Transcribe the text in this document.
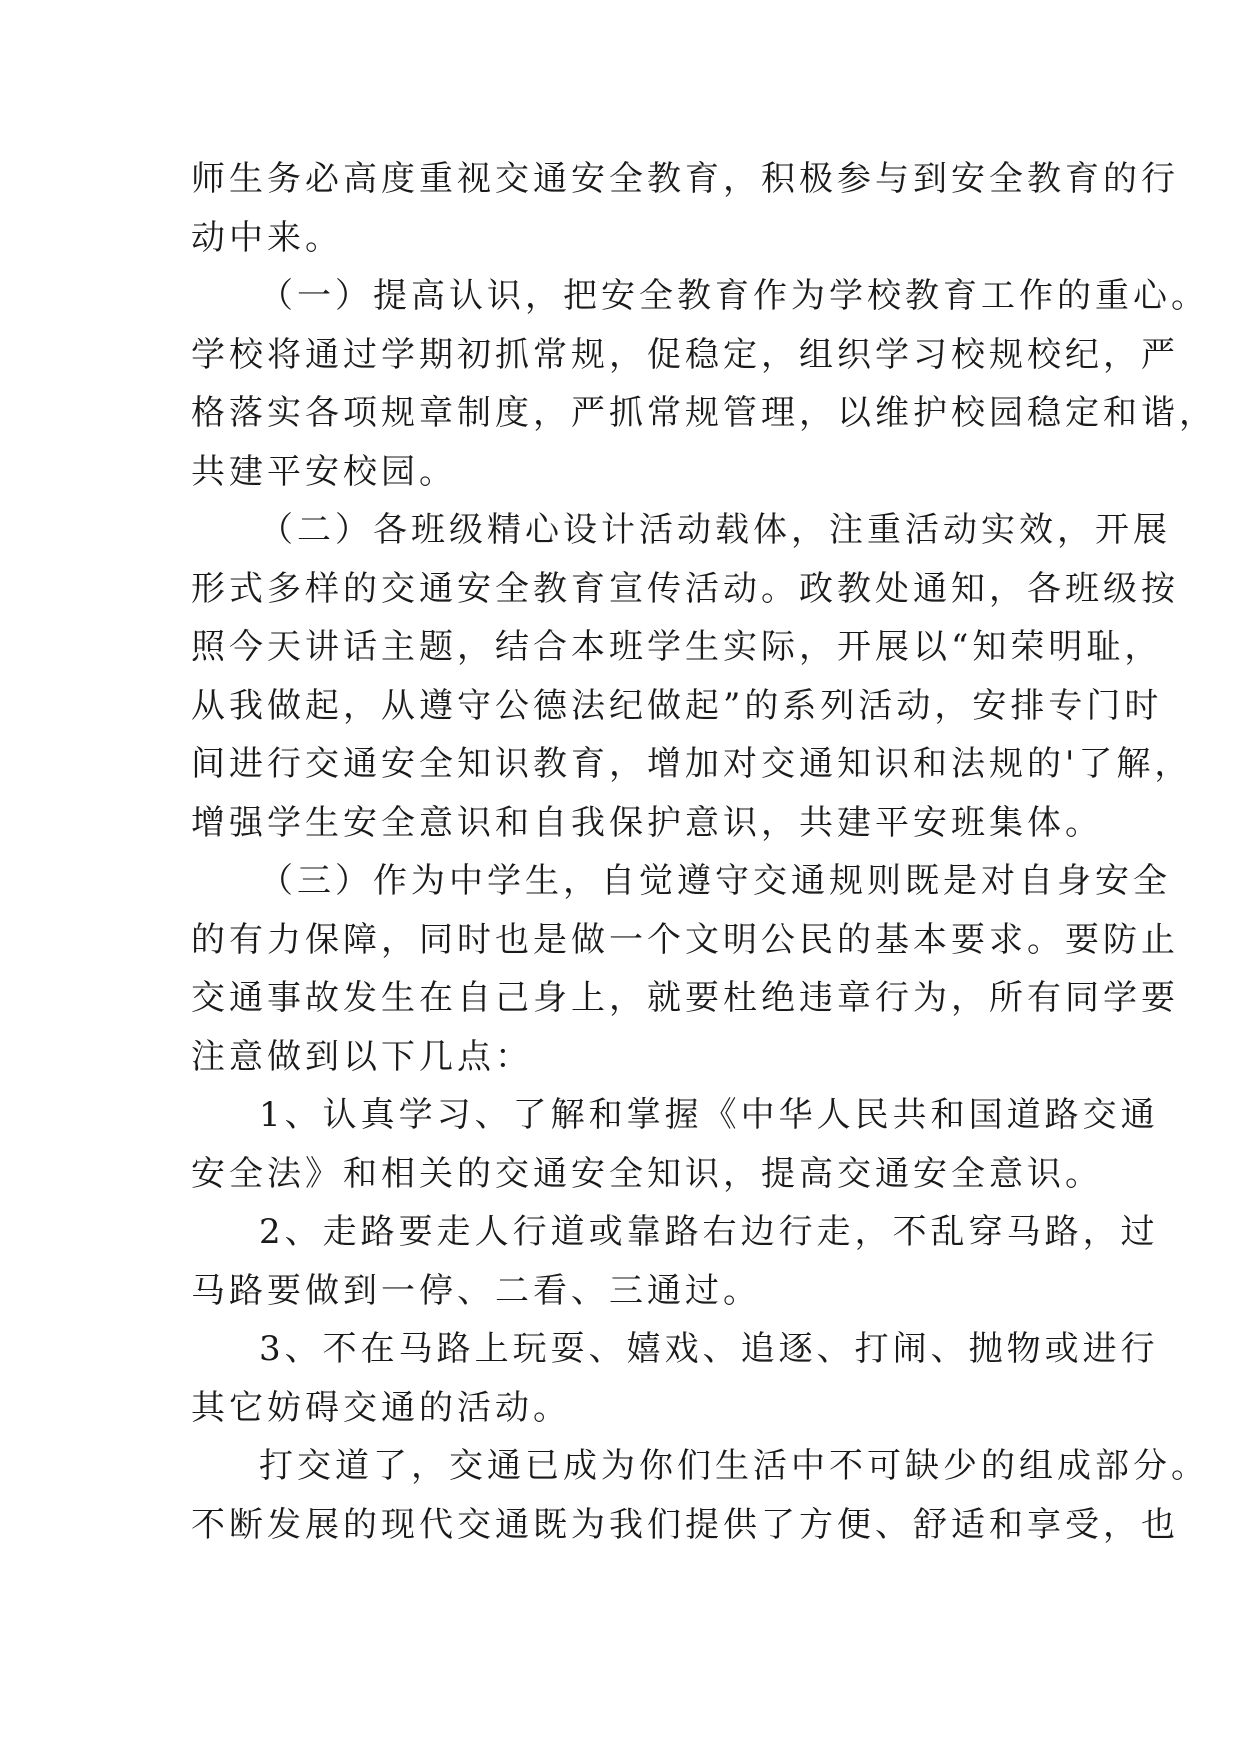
师生务必高度重视交通安全教育，积极参与到安全教育的行
动中来。
（一）提高认识，把安全教育作为学校教育工作的重心。
学校将通过学期初抓常规，促稳定，组织学习校规校纪，严
格落实各项规章制度，严抓常规管理，以维护校园稳定和谐，
共建平安校园。
（二）各班级精心设计活动载体，注重活动实效，开展
形式多样的交通安全教育宣传活动。政教处通知，各班级按
照今天讲话主题，结合本班学生实际，开展以“知荣明耻，
从我做起，从遵守公德法纪做起”的系列活动，安排专门时
间进行交通安全知识教育，增加对交通知识和法规的'了解，
增强学生安全意识和自我保护意识，共建平安班集体。
（三）作为中学生，自觉遵守交通规则既是对自身安全
的有力保障，同时也是做一个文明公民的基本要求。要防止
交通事故发生在自己身上，就要杜绝违章行为，所有同学要
注意做到以下几点：
1、认真学习、了解和掌握《中华人民共和国道路交通
安全法》和相关的交通安全知识，提高交通安全意识。
2、走路要走人行道或靠路右边行走，不乱穿马路，过
马路要做到一停、二看、三通过。
3、不在马路上玩耍、嬉戏、追逐、打闹、抛物或进行
其它妨碍交通的活动。
打交道了，交通已成为你们生活中不可缺少的组成部分。
不断发展的现代交通既为我们提供了方便、舒适和享受，也
